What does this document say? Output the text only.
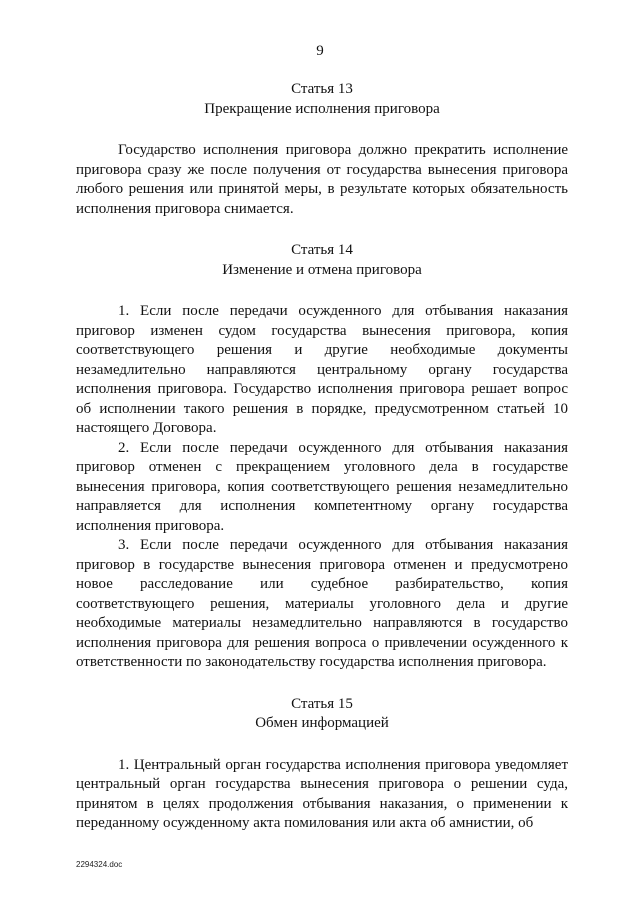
9

Статья 13

Прекращение исполнения приговора

Государство исполнения приговора должно прекратить исполнение приговора сразу же после получения от государства вынесения приговора любого решения или принятой меры, в результате которых обязательность исполнения приговора снимается.

Статья 14

Изменение и отмена приговора

1. Если после передачи осужденного для отбывания наказания приговор изменен судом государства вынесения приговора, копия соответствующего решения и другие необходимые документы незамедлительно направляются центральному органу государства исполнения приговора. Государство исполнения приговора решает вопрос об исполнении такого решения в порядке, предусмотренном статьей 10 настоящего Договора.

2. Если после передачи осужденного для отбывания наказания приговор отменен с прекращением уголовного дела в государстве вынесения приговора, копия соответствующего решения незамедлительно направляется для исполнения компетентному органу государства исполнения приговора.

3. Если после передачи осужденного для отбывания наказания приговор в государстве вынесения приговора отменен и предусмотрено новое расследование или судебное разбирательство, копия соответствующего решения, материалы уголовного дела и другие необходимые материалы незамедлительно направляются в государство исполнения приговора для решения вопроса о привлечении осужденного к ответственности по законодательству государства исполнения приговора.

Статья 15

Обмен информацией

1. Центральный орган государства исполнения приговора уведомляет центральный орган государства вынесения приговора о решении суда, принятом в целях продолжения отбывания наказания, о применении к переданному осужденному акта помилования или акта об амнистии, об

2294324.doc
